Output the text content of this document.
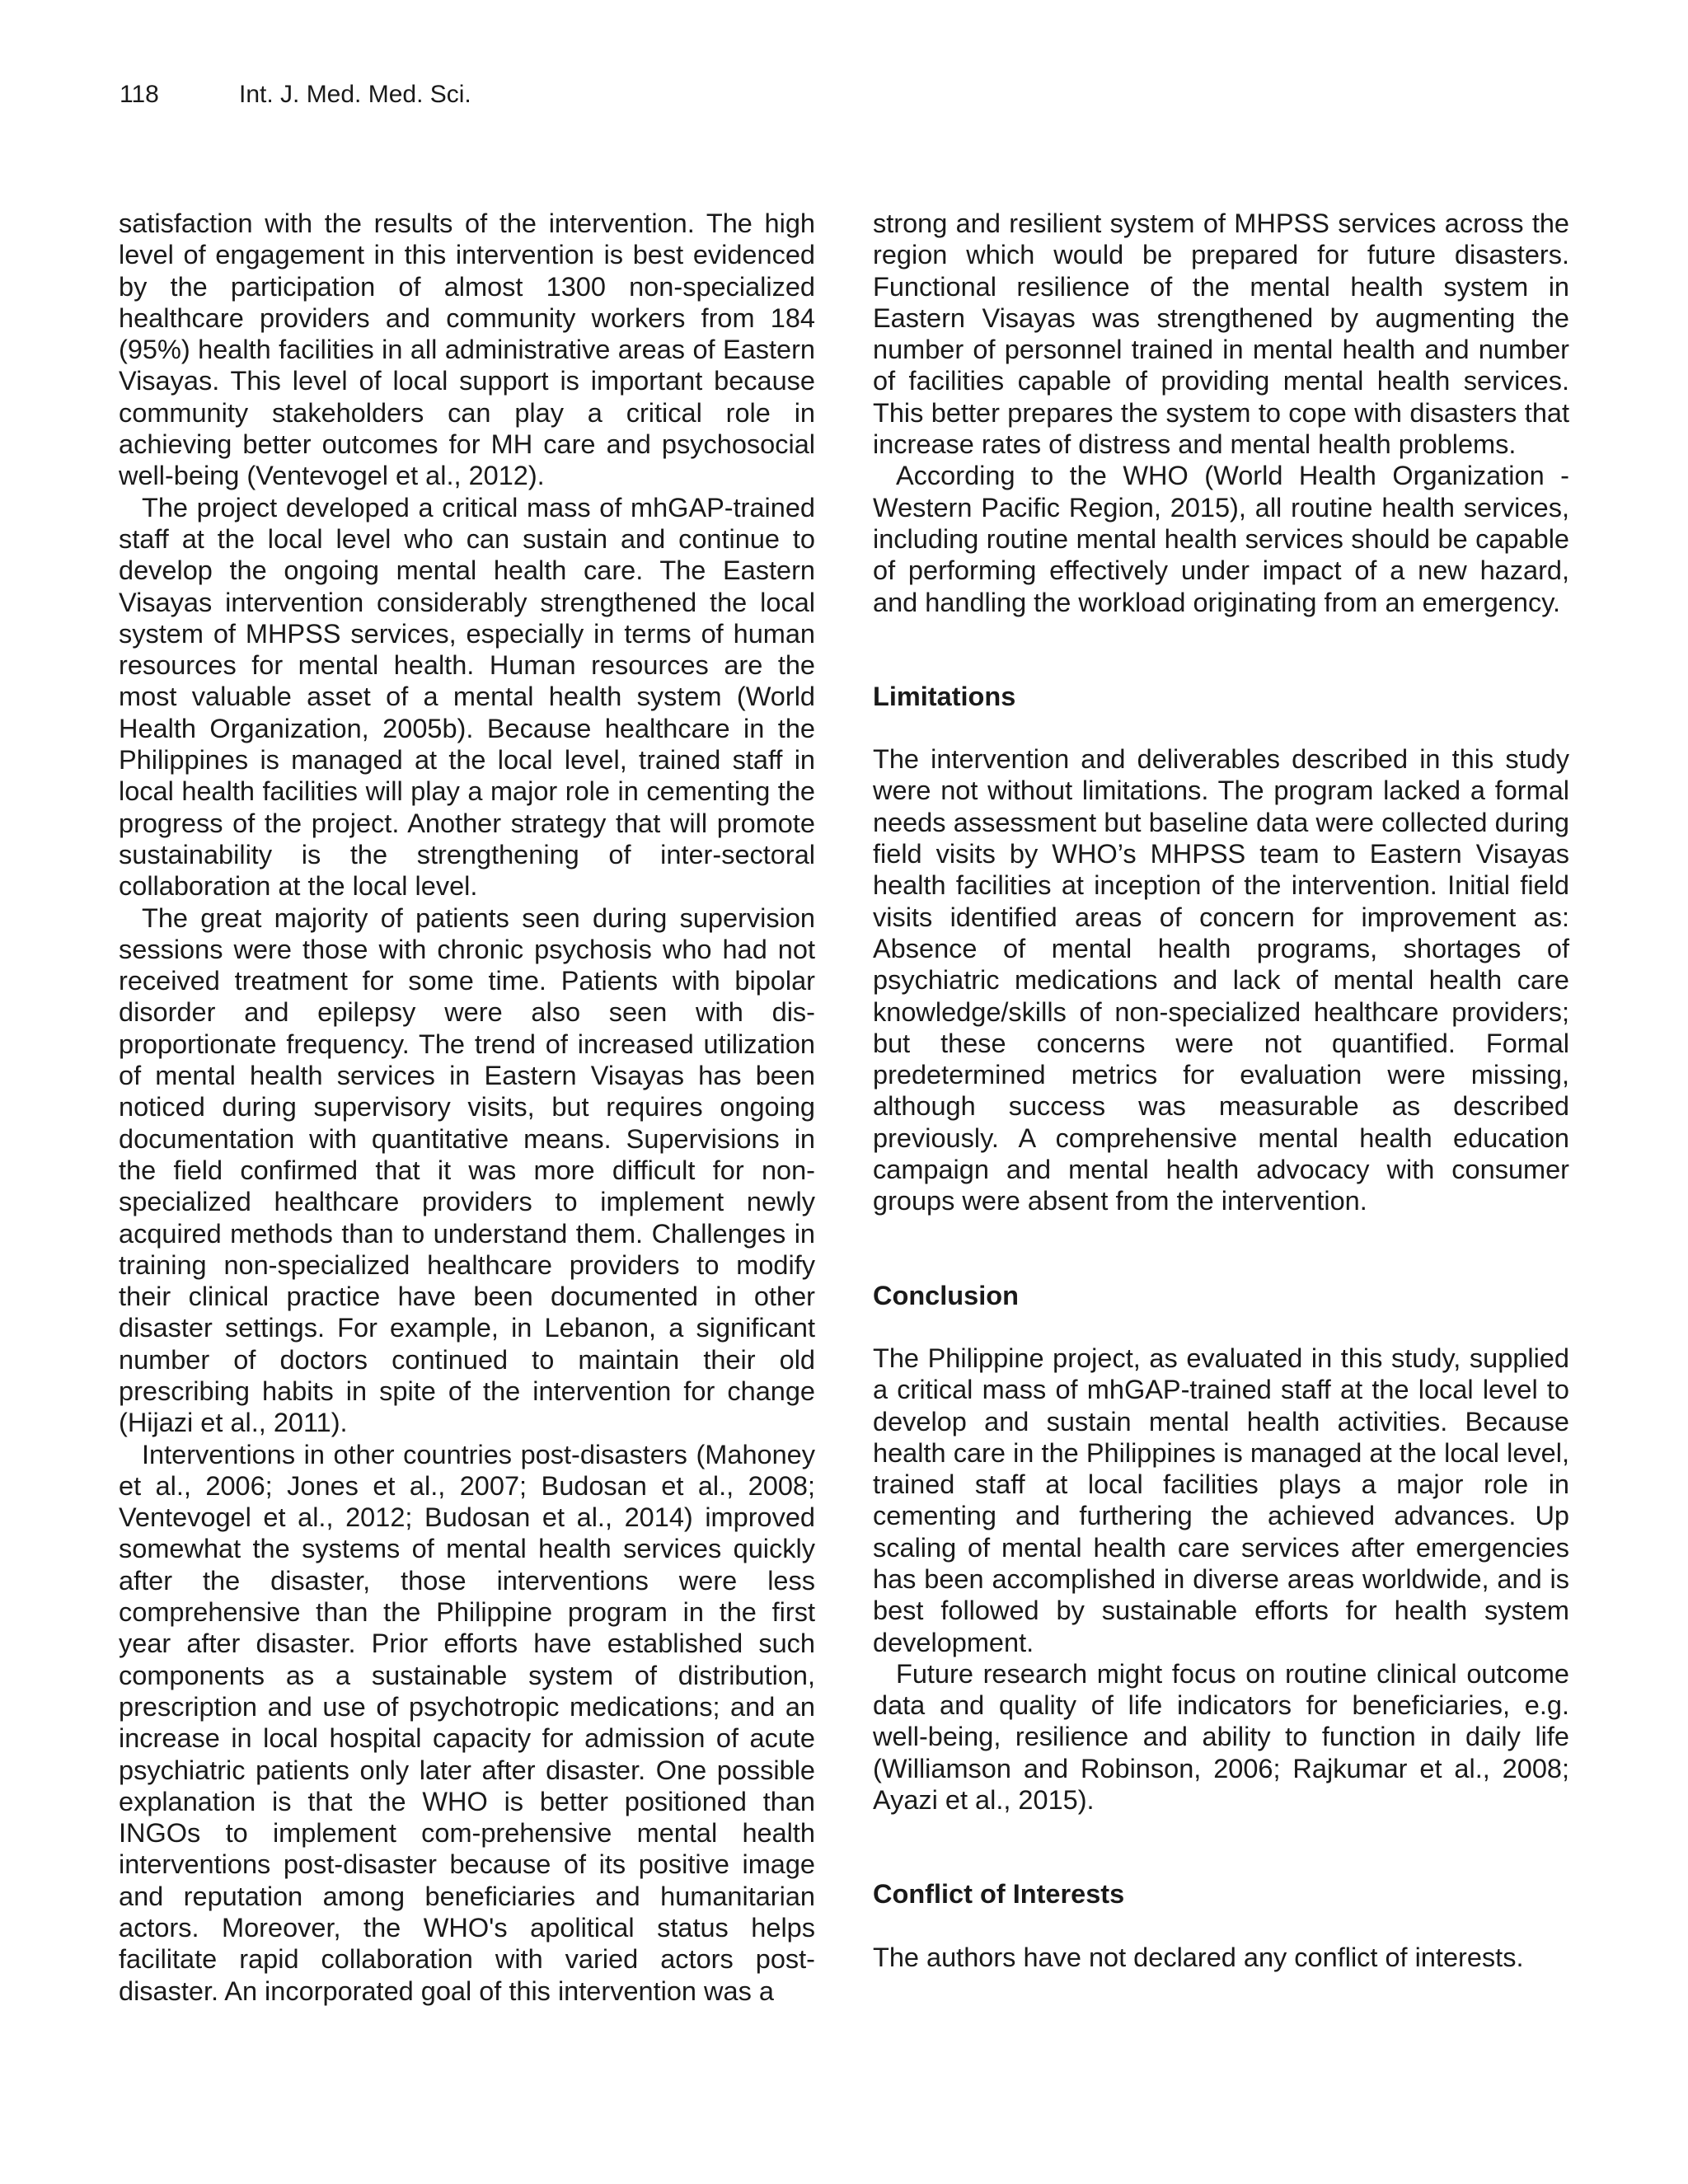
118	Int. J. Med. Med. Sci.

satisfaction with the results of the intervention. The high level of engagement in this intervention is best evidenced by the participation of almost 1300 non-specialized healthcare providers and community workers from 184 (95%) health facilities in all administrative areas of Eastern Visayas. This level of local support is important because community stakeholders can play a critical role in achieving better outcomes for MH care and psychosocial well-being (Ventevogel et al., 2012).

The project developed a critical mass of mhGAP-trained staff at the local level who can sustain and continue to develop the ongoing mental health care. The Eastern Visayas intervention considerably strengthened the local system of MHPSS services, especially in terms of human resources for mental health. Human resources are the most valuable asset of a mental health system (World Health Organization, 2005b). Because healthcare in the Philippines is managed at the local level, trained staff in local health facilities will play a major role in cementing the progress of the project. Another strategy that will promote sustainability is the strengthening of inter-sectoral collaboration at the local level.

The great majority of patients seen during supervision sessions were those with chronic psychosis who had not received treatment for some time. Patients with bipolar disorder and epilepsy were also seen with dis-proportionate frequency. The trend of increased utilization of mental health services in Eastern Visayas has been noticed during supervisory visits, but requires ongoing documentation with quantitative means. Supervisions in the field confirmed that it was more difficult for non-specialized healthcare providers to implement newly acquired methods than to understand them. Challenges in training non-specialized healthcare providers to modify their clinical practice have been documented in other disaster settings. For example, in Lebanon, a significant number of doctors continued to maintain their old prescribing habits in spite of the intervention for change (Hijazi et al., 2011).

Interventions in other countries post-disasters (Mahoney et al., 2006; Jones et al., 2007; Budosan et al., 2008; Ventevogel et al., 2012; Budosan et al., 2014) improved somewhat the systems of mental health services quickly after the disaster, those interventions were less comprehensive than the Philippine program in the first year after disaster. Prior efforts have established such components as a sustainable system of distribution, prescription and use of psychotropic medications; and an increase in local hospital capacity for admission of acute psychiatric patients only later after disaster. One possible explanation is that the WHO is better positioned than INGOs to implement com-prehensive mental health interventions post-disaster because of its positive image and reputation among beneficiaries and humanitarian actors. Moreover, the WHO's apolitical status helps facilitate rapid collaboration with varied actors post-disaster. An incorporated goal of this intervention was a

strong and resilient system of MHPSS services across the region which would be prepared for future disasters. Functional resilience of the mental health system in Eastern Visayas was strengthened by augmenting the number of personnel trained in mental health and number of facilities capable of providing mental health services. This better prepares the system to cope with disasters that increase rates of distress and mental health problems.

According to the WHO (World Health Organization - Western Pacific Region, 2015), all routine health services, including routine mental health services should be capable of performing effectively under impact of a new hazard, and handling the workload originating from an emergency.

Limitations

The intervention and deliverables described in this study were not without limitations. The program lacked a formal needs assessment but baseline data were collected during field visits by WHO’s MHPSS team to Eastern Visayas health facilities at inception of the intervention. Initial field visits identified areas of concern for improvement as: Absence of mental health programs, shortages of psychiatric medications and lack of mental health care knowledge/skills of non-specialized healthcare providers; but these concerns were not quantified. Formal predetermined metrics for evaluation were missing, although success was measurable as described previously. A comprehensive mental health education campaign and mental health advocacy with consumer groups were absent from the intervention.

Conclusion

The Philippine project, as evaluated in this study, supplied a critical mass of mhGAP-trained staff at the local level to develop and sustain mental health activities. Because health care in the Philippines is managed at the local level, trained staff at local facilities plays a major role in cementing and furthering the achieved advances. Up scaling of mental health care services after emergencies has been accomplished in diverse areas worldwide, and is best followed by sustainable efforts for health system development.

Future research might focus on routine clinical outcome data and quality of life indicators for beneficiaries, e.g. well-being, resilience and ability to function in daily life (Williamson and Robinson, 2006; Rajkumar et al., 2008; Ayazi et al., 2015).

Conflict of Interests

The authors have not declared any conflict of interests.
